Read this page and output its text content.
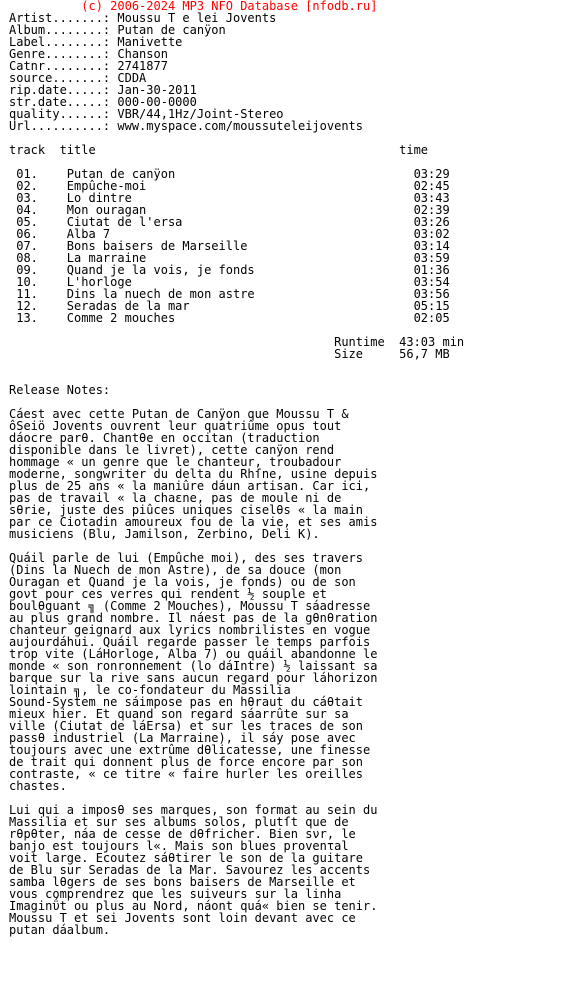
(c) 2006-2024 MP3 NFO Database [nfodb.ru]
Artist.......: Moussu T e lei Jovents
Album........: Putan de canÿon
Label........: Manivette
Genre........: Chanson
Catnr........: 2741877
source.......: CDDA
rip.date.....: Jan-30-2011
str.date.....: 000-00-0000
quality......: VBR/44,1Hz/Joint-Stereo
Url..........: www.myspace.com/moussuteleijovents
track  title                                          time
01.    Putan de canÿon                                 03:29
02.    Empûche-moi                                     02:45
03.    Lo dintre                                       03:43
04.    Mon ouragan                                     02:39
05.    Ciutat de l'ersa                                03:26
06.    Alba 7                                          03:02
07.    Bons baisers de Marseille                       03:14
08.    La marraine                                     03:59
09.    Quand je la vois, je fonds                      01:36
10.    L'horloge                                       03:54
11.    Dins la nuech de mon astre                      03:56
12.    Seradas de la mar                               05:15
13.    Comme 2 mouches                                 02:05
Runtime  43:03 min
Size     56,7 MB
Release Notes:
Cáest avec cette Putan de Canÿon que Moussu T &
ôSeiö Jovents ouvrent leur quatriûme opus tout
dáocre parθ. Chantθe en occitan (traduction
disponible dans le livret), cette canÿon rend
hommage « un genre que le chanteur, troubadour
moderne, songwriter du delta du Rhſne, usine depuis
plus de 25 ans « la maniûre dáun artisan. Car ici,
pas de travail « la chaεne, pas de moule ni de
sθrie, juste des piûces uniques ciselθs « la main
par ce Ciotadin amoureux fou de la vie, et ses amis
musiciens (Blu, Jamilson, Zerbino, Deli K).
Quáil parle de lui (Empûche moi), des ses travers
(Dins la Nuech de mon Astre), de sa douce (mon
Ouragan et Quand je la vois, je fonds) ou de son
goνt pour ces verres qui rendent ½ souple et
boulθguant ╗ (Comme 2 Mouches), Moussu T sáadresse
au plus grand nombre. Il náest pas de la gθnθration
chanteur geignard aux lyrics nombrilistes en vogue
aujourdáhui. Quáil regarde passer le temps parfois
trop vite (LáHorloge, Alba 7) ou quáil abandonne le
monde « son ronronnement (lo dáIntre) ½ laissant sa
barque sur la rive sans aucun regard pour láhorizon
lointain ╗, le co-fondateur du Massilia
Sound-System ne sáimpose pas en hθraut du cáθtait
mieux hier. Et quand son regard sáarrûte sur sa
ville (Ciutat de láErsa) et sur les traces de son
passθ industriel (La Marraine), il sáy pose avec
toujours avec une extrûme dθlicatesse, une finesse
de trait qui donnent plus de force encore par son
contraste, « ce titre « faire hurler les oreilles
chastes.
Lui qui a imposθ ses marques, son format au sein du
Massilia et sur ses albums solos, plutſt que de
rθpθter, náa de cesse de dθfricher. Bien sνr, le
banjo est toujours l«. Mais son blues provenτal
voit large. Ecoutez sáθtirer le son de la guitare
de Blu sur Seradas de la Mar. Savourez les accents
samba lθgers de ses bons baisers de Marseille et
vous comprendrez que les suiveurs sur la linha
Imaginΰt ou plus au Nord, náont quá« bien se tenir.
Moussu T et sei Jovents sont loin devant avec ce
putan dáalbum.
